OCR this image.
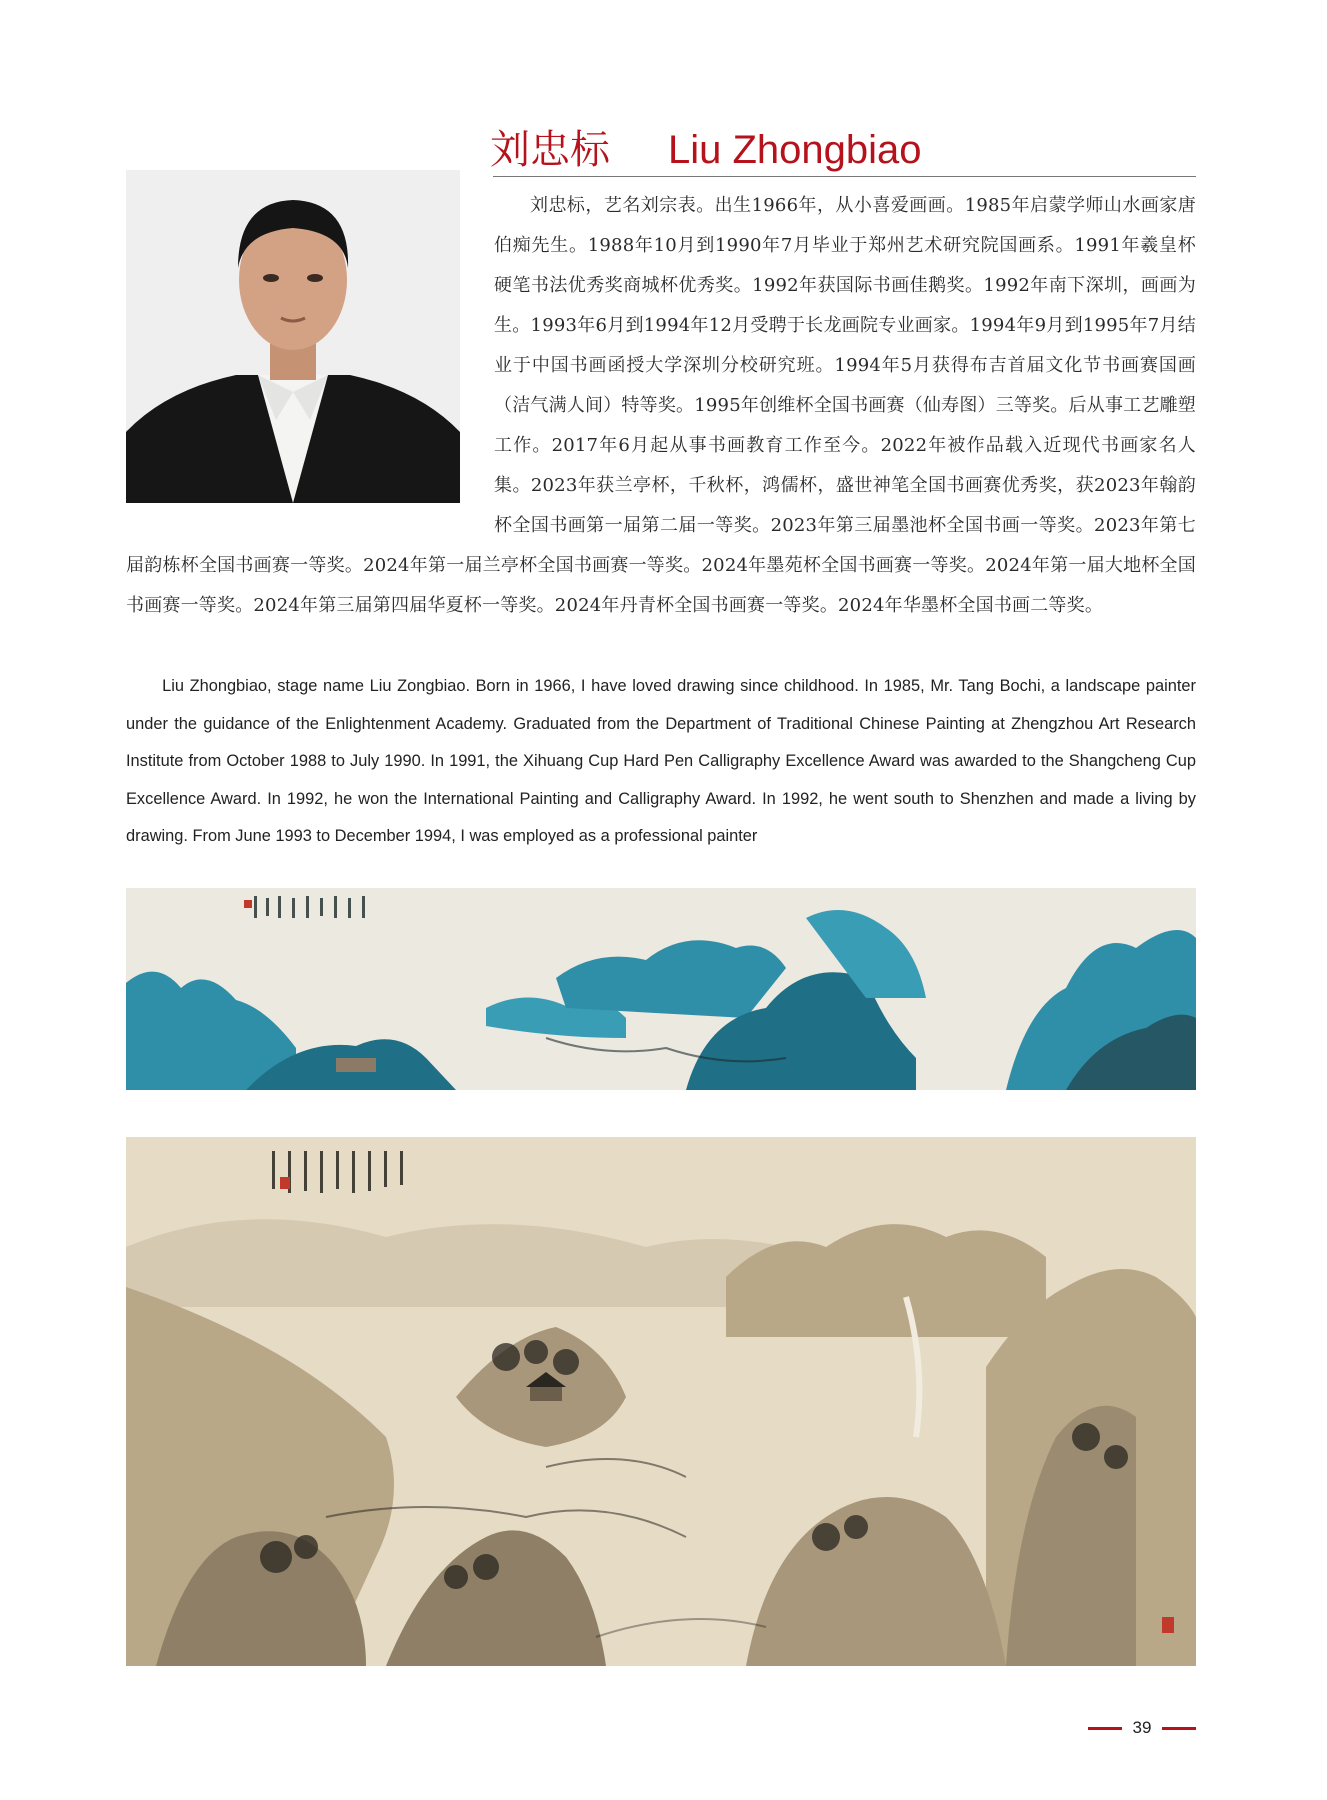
刘忠标 Liu Zhongbiao

刘忠标，艺名刘宗表。出生1966年，从小喜爱画画。1985年启蒙学师山水画家唐伯痴先生。1988年10月到1990年7月毕业于郑州艺术研究院国画系。1991年羲皇杯硬笔书法优秀奖商城杯优秀奖。1992年获国际书画佳鹅奖。1992年南下深圳，画画为生。1993年6月到1994年12月受聘于长龙画院专业画家。1994年9月到1995年7月结业于中国书画函授大学深圳分校研究班。1994年5月获得布吉首届文化节书画赛国画（洁气满人间）特等奖。1995年创维杯全国书画赛（仙寿图）三等奖。后从事工艺雕塑工作。2017年6月起从事书画教育工作至今。2022年被作品载入近现代书画家名人集。2023年获兰亭杯，千秋杯，鸿儒杯，盛世神笔全国书画赛优秀奖，获2023年翰韵杯全国书画第一届第二届一等奖。2023年第三届墨池杯全国书画一等奖。2023年第七届韵栋杯全国书画赛一等奖。2024年第一届兰亭杯全国书画赛一等奖。2024年墨苑杯全国书画赛一等奖。2024年第一届大地杯全国书画赛一等奖。2024年第三届第四届华夏杯一等奖。2024年丹青杯全国书画赛一等奖。2024年华墨杯全国书画二等奖。

Liu Zhongbiao, stage name Liu Zongbiao. Born in 1966, I have loved drawing since childhood. In 1985, Mr. Tang Bochi, a landscape painter under the guidance of the Enlightenment Academy. Graduated from the Department of Traditional Chinese Painting at Zhengzhou Art Research Institute from October 1988 to July 1990. In 1991, the Xihuang Cup Hard Pen Calligraphy Excellence Award was awarded to the Shangcheng Cup Excellence Award. In 1992, he won the International Painting and Calligraphy Award. In 1992, he went south to Shenzhen and made a living by drawing. From June 1993 to December 1994, I was employed as a professional painter

39
